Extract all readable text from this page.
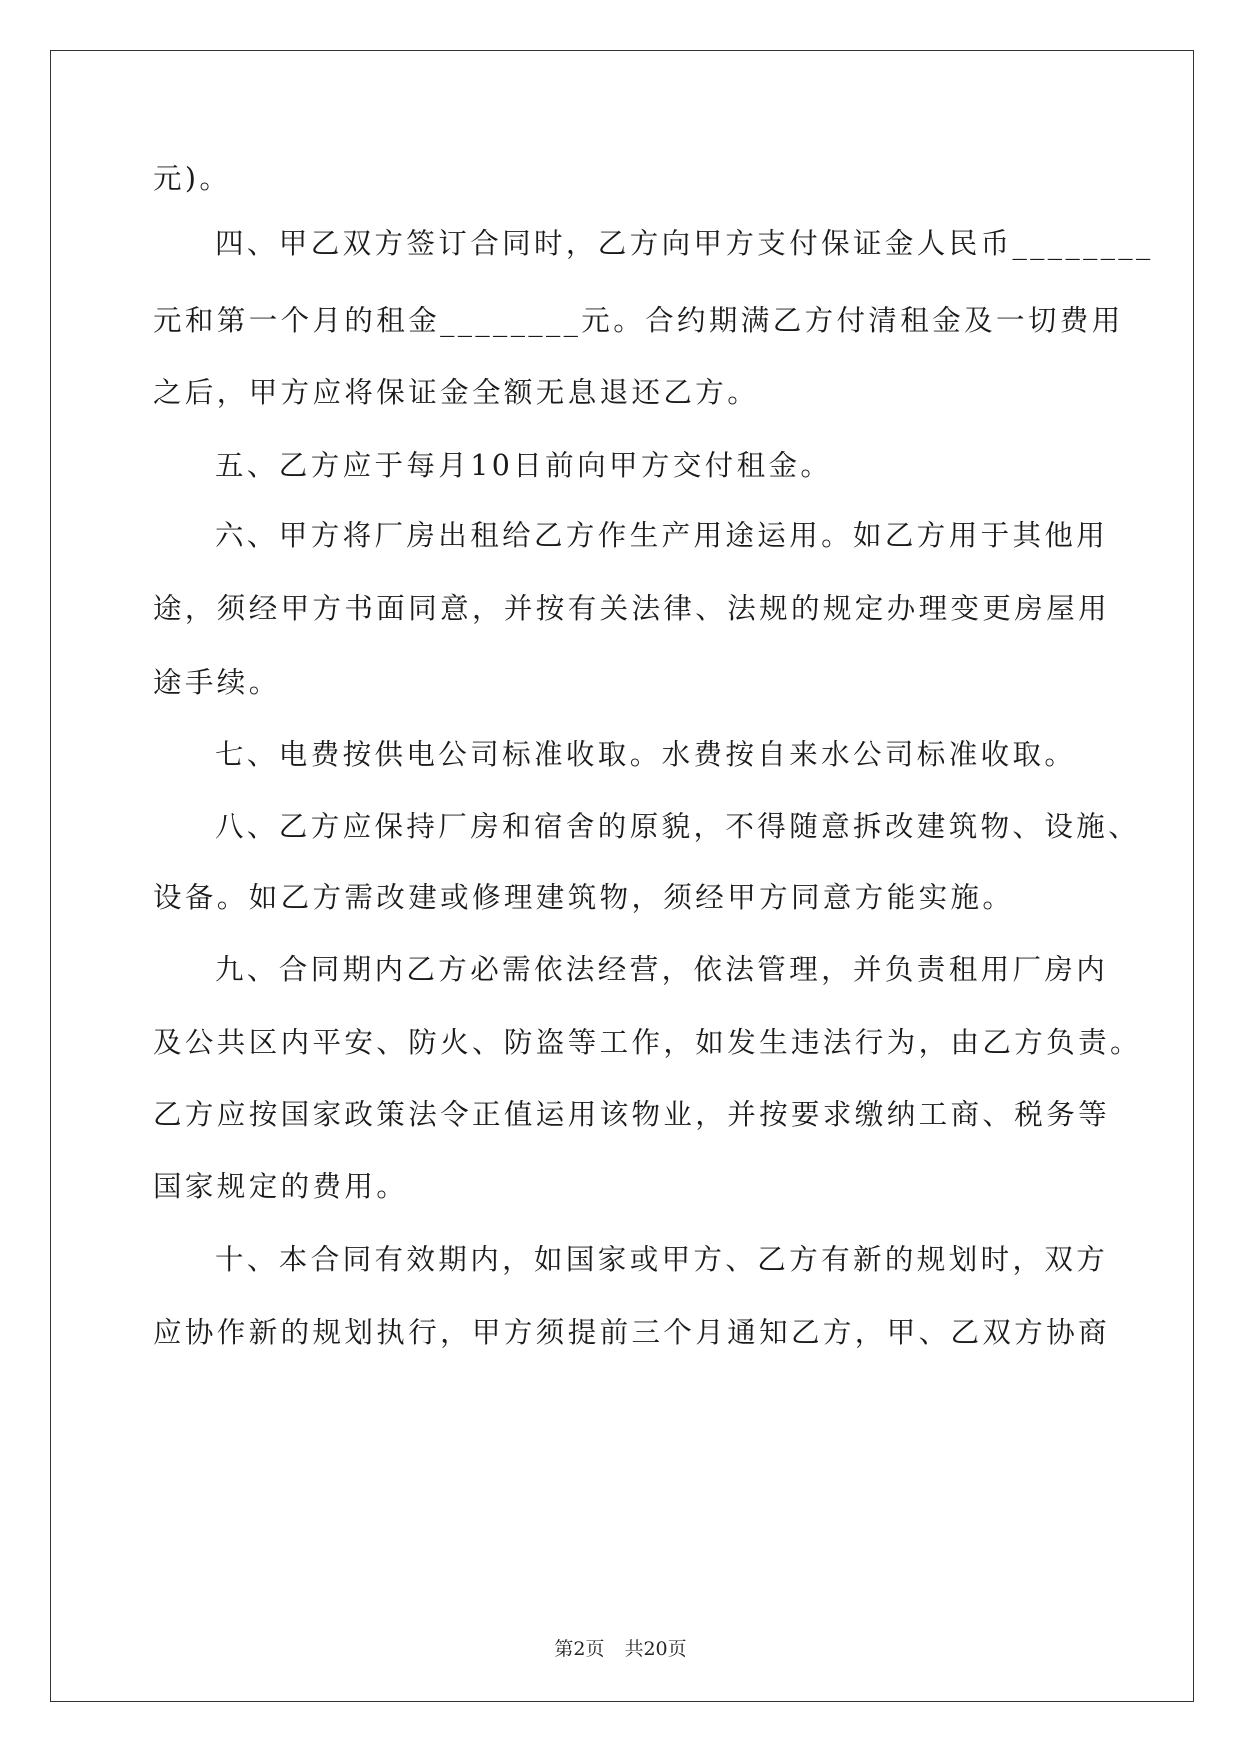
元)。
四、甲乙双方签订合同时，乙方向甲方支付保证金人民币________
元和第一个月的租金________元。合约期满乙方付清租金及一切费用
之后，甲方应将保证金全额无息退还乙方。
五、乙方应于每月10日前向甲方交付租金。
六、甲方将厂房出租给乙方作生产用途运用。如乙方用于其他用
途，须经甲方书面同意，并按有关法律、法规的规定办理变更房屋用
途手续。
七、电费按供电公司标准收取。水费按自来水公司标准收取。
八、乙方应保持厂房和宿舍的原貌，不得随意拆改建筑物、设施、
设备。如乙方需改建或修理建筑物，须经甲方同意方能实施。
九、合同期内乙方必需依法经营，依法管理，并负责租用厂房内
及公共区内平安、防火、防盗等工作，如发生违法行为，由乙方负责。
乙方应按国家政策法令正值运用该物业，并按要求缴纳工商、税务等
国家规定的费用。
十、本合同有效期内，如国家或甲方、乙方有新的规划时，双方
应协作新的规划执行，甲方须提前三个月通知乙方，甲、乙双方协商
第2页 共20页
